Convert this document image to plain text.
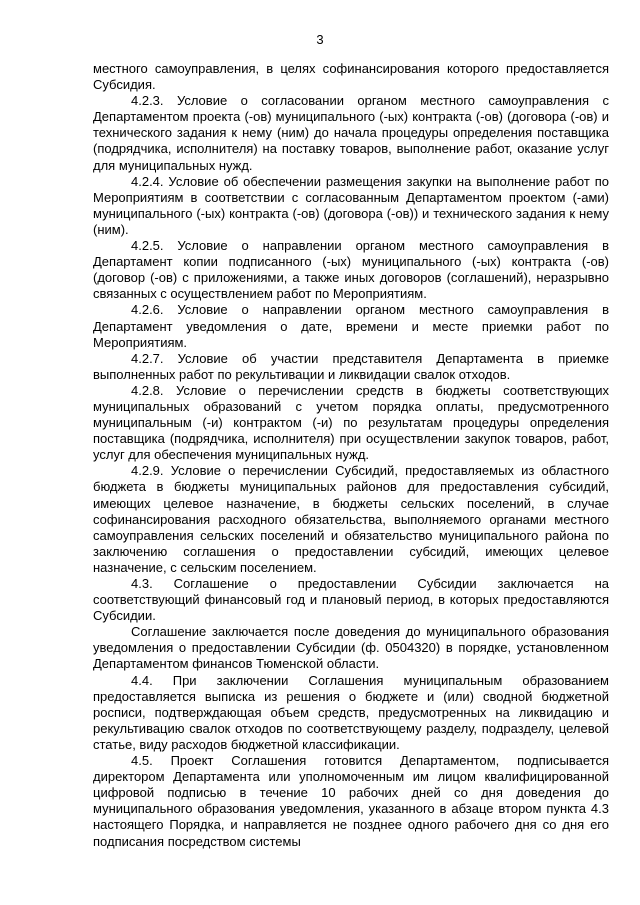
3

местного самоуправления, в целях софинансирования которого предоставляется Субсидия.

4.2.3. Условие о согласовании органом местного самоуправления с Департаментом проекта (-ов) муниципального (-ых) контракта (-ов) (договора (-ов) и технического задания к нему (ним) до начала процедуры определения поставщика (подрядчика, исполнителя) на поставку товаров, выполнение работ, оказание услуг для муниципальных нужд.

4.2.4. Условие об обеспечении размещения закупки на выполнение работ по Мероприятиям в соответствии с согласованным Департаментом проектом (-ами) муниципального (-ых) контракта (-ов) (договора (-ов)) и технического задания к нему (ним).

4.2.5. Условие о направлении органом местного самоуправления в Департамент копии подписанного (-ых) муниципального (-ых) контракта (-ов) (договор (-ов) с приложениями, а также иных договоров (соглашений), неразрывно связанных с осуществлением работ по Мероприятиям.

4.2.6. Условие о направлении органом местного самоуправления в Департамент уведомления о дате, времени и месте приемки работ по Мероприятиям.

4.2.7. Условие об участии представителя Департамента в приемке выполненных работ по рекультивации и ликвидации свалок отходов.

4.2.8. Условие о перечислении средств в бюджеты соответствующих муниципальных образований с учетом порядка оплаты, предусмотренного муниципальным (-и) контрактом (-и) по результатам процедуры определения поставщика (подрядчика, исполнителя) при осуществлении закупок товаров, работ, услуг для обеспечения муниципальных нужд.

4.2.9. Условие о перечислении Субсидий, предоставляемых из областного бюджета в бюджеты муниципальных районов для предоставления субсидий, имеющих целевое назначение, в бюджеты сельских поселений, в случае софинансирования расходного обязательства, выполняемого органами местного самоуправления сельских поселений и обязательство муниципального района по заключению соглашения о предоставлении субсидий, имеющих целевое назначение, с сельским поселением.

4.3. Соглашение о предоставлении Субсидии заключается на соответствующий финансовый год и плановый период, в которых предоставляются Субсидии.

Соглашение заключается после доведения до муниципального образования уведомления о предоставлении Субсидии (ф. 0504320) в порядке, установленном Департаментом финансов Тюменской области.

4.4. При заключении Соглашения муниципальным образованием предоставляется выписка из решения о бюджете и (или) сводной бюджетной росписи, подтверждающая объем средств, предусмотренных на ликвидацию и рекультивацию свалок отходов по соответствующему разделу, подразделу, целевой статье, виду расходов бюджетной классификации.

4.5. Проект Соглашения готовится Департаментом, подписывается директором Департамента или уполномоченным им лицом квалифицированной цифровой подписью в течение 10 рабочих дней со дня доведения до муниципального образования уведомления, указанного в абзаце втором пункта 4.3 настоящего Порядка, и направляется не позднее одного рабочего дня со дня его подписания посредством системы
